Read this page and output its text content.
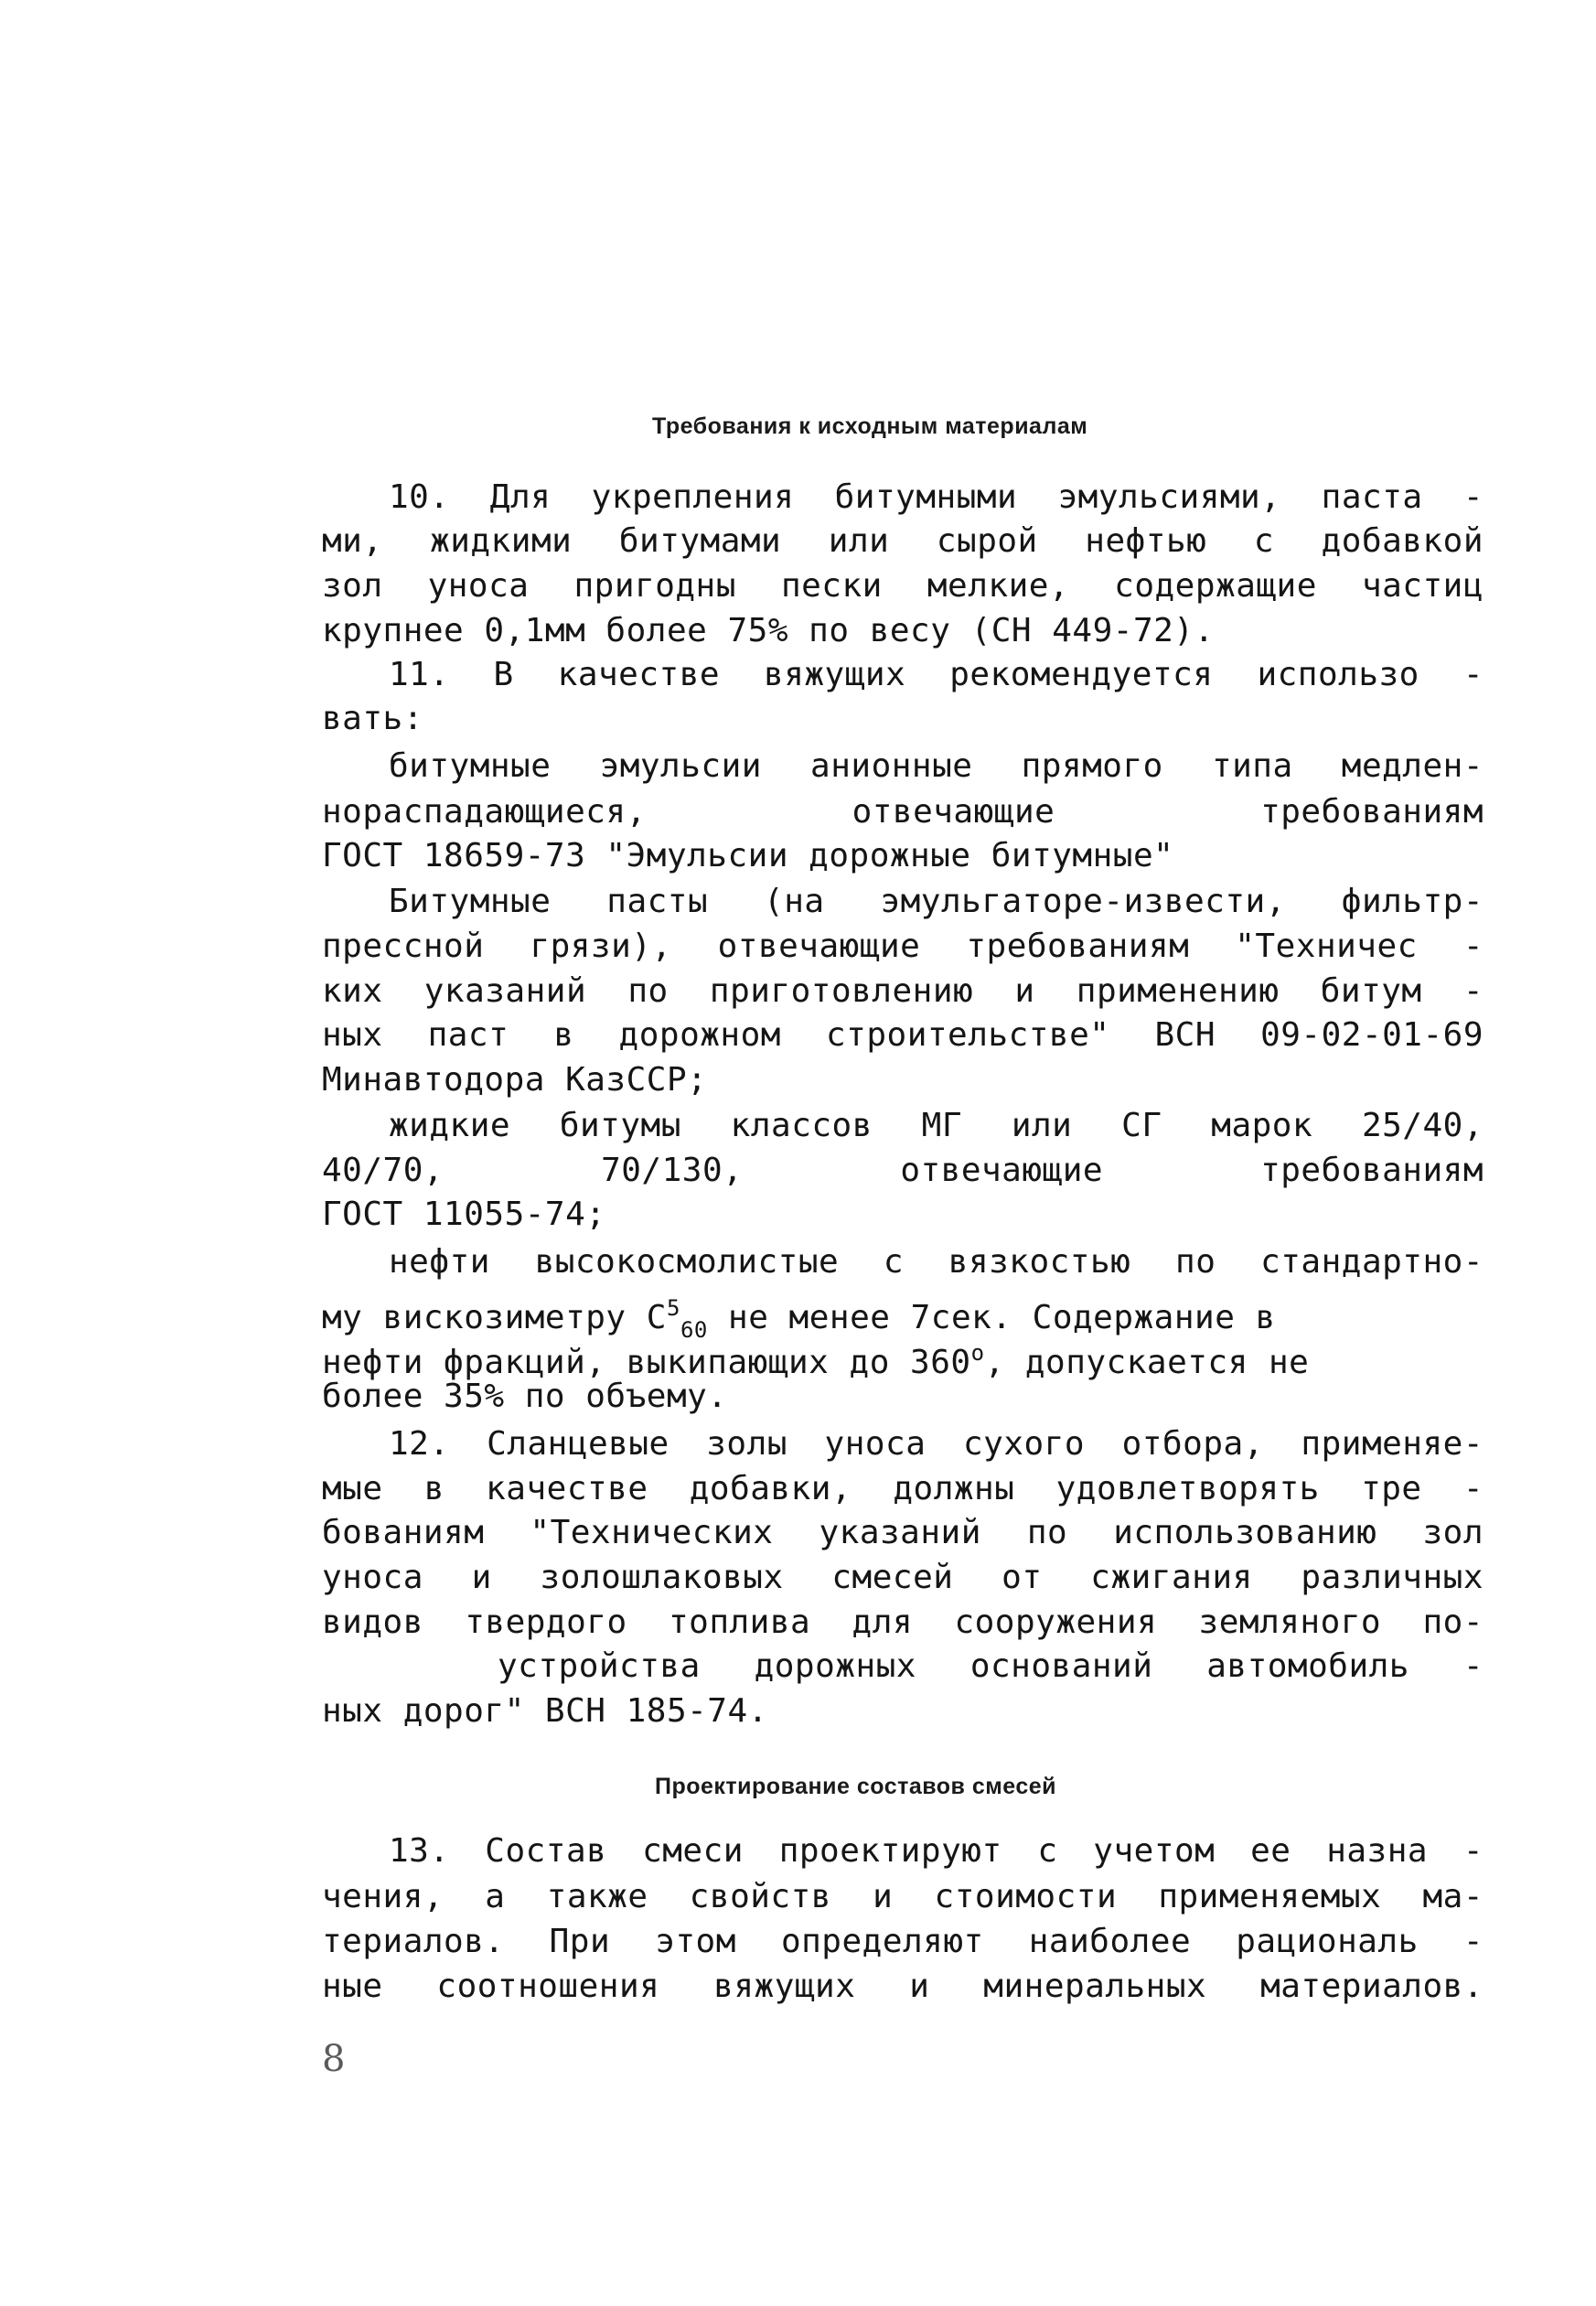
Требования к исходным материалам
10. Для укрепления битумными эмульсиями, паста -
ми, жидкими битумами или сырой нефтью с добавкой
зол уноса пригодны пески мелкие, содержащие частиц
крупнее 0,1мм более 75% по весу (СН 449-72).
11. В качестве вяжущих рекомендуется использо -
вать:
битумные эмульсии анионные прямого типа медлен-
нораспадающиеся, отвечающие требованиям
ГОСТ 18659-73 "Эмульсии дорожные битумные"
Битумные пасты (на эмульгаторе-извести, фильтр-
прессной грязи), отвечающие требованиям "Техничес -
ких указаний по приготовлению и применению битум -
ных паст в дорожном строительстве" ВСН 09-02-01-69
Минавтодора КазССР;
жидкие битумы классов МГ или СГ марок 25/40,
40/70, 70/130, отвечающие требованиям
ГОСТ 11055-74;
нефти высокосмолистые с вязкостью по стандартно-
му вискозиметру $С^5_{60}$ не менее 7сек. Содержание в
нефти фракций, выкипающих до $360^о$, допускается не
более 35% по объему.
12. Сланцевые золы уноса сухого отбора, применяе-
мые в качестве добавки, должны удовлетворять тре -
бованиям "Технических указаний по использованию зол
уноса и золошлаковых смесей от сжигания различных
видов твердого топлива для сооружения земляного по-
устройства дорожных оснований автомобиль -
ных дорог" ВСН 185-74.
Проектирование составов смесей
13. Состав смеси проектируют с учетом ее назна -
чения, а также свойств и стоимости применяемых ма-
териалов. При этом определяют наиболее рациональ -
ные соотношения вяжущих и минеральных материалов.
8
